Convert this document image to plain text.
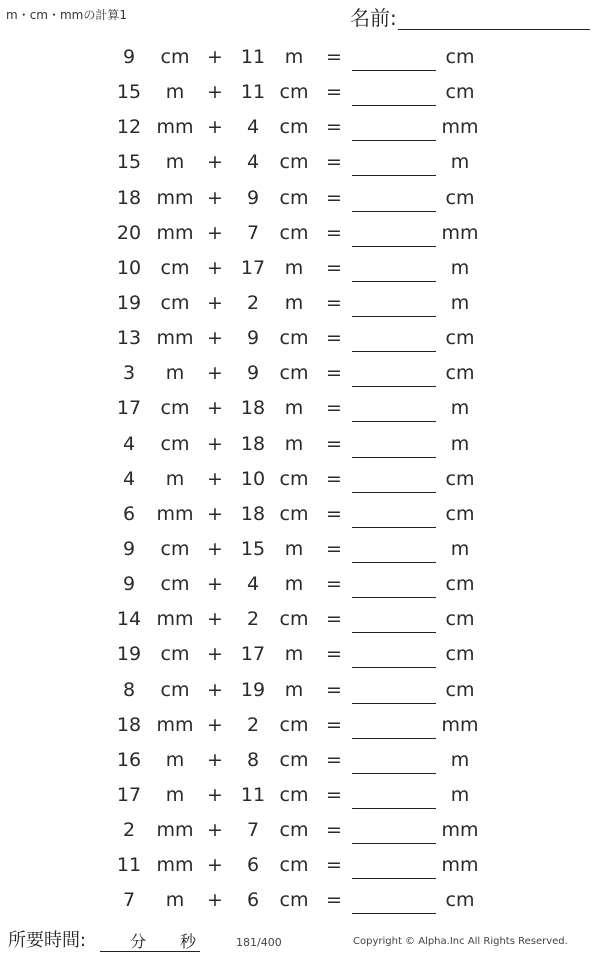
m・cm・mmの計算1	名前:
9	cm + 11	m	=	cm
15	m	+ 11 cm =	cm
12 mm +	4	cm =	mm
15	m	+	4	cm =	m
18 mm +	9	cm =	cm
20 mm +	7	cm =	mm
10	cm + 17	m	=	m
19	cm +	2	m	=	m
13 mm +	9	cm =	cm
3	m	+	9	cm =	cm
17	cm + 18	m	=	m
4	cm + 18	m	=	m
4	m	+ 10 cm =	cm
6	mm + 18 cm =	cm
9	cm + 15	m	=	m
9	cm +	4	m	=	cm
14 mm +	2	cm =	cm
19	cm + 17	m	=	cm
8	cm + 19	m	=	cm
18 mm +	2	cm =	mm
16	m	+	8	cm =	m
17	m	+ 11 cm =	m
2	mm +	7	cm =	mm
11 mm +	6	cm =	mm
7	m	+	6	cm =	cm
所要時間:	分 秒	181/400	Copyright © Alpha.Inc All Rights Reserved.
